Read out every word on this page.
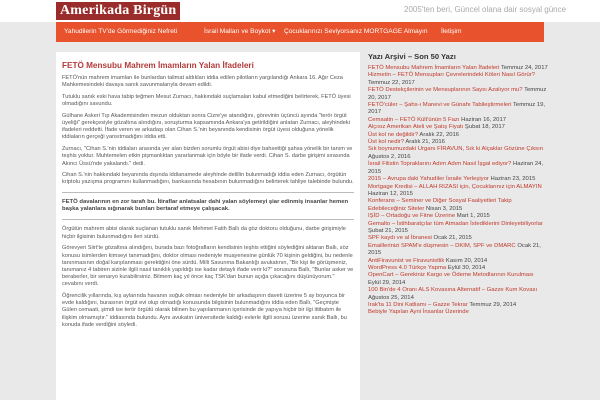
Amerikada Birgün	2005'ten beri, Güncel olana dair sosyal günce
Yahudilerin TV'de Görmediğiniz Nefreti	İsrail Malları ve Boykot ▾ Çocuklarınızı Seviyorsanız MORTGAGE Almayın İletişim
FETÖ Mensubu Mahrem İmamların Yalan İfadeleri

FETÖ'nün mahrem imamları ile bunlardan talimat aldıkları iddia edilen pilotların yargılandığı Ankara 16. Ağır Ceza Mahkemesindeki davaya sanık savunmalarıyla devam edildi.

Tutuklu sanık eski hava tabip teğmen Mesut Zurnacı, hakkındaki suçlamaları kabul etmediğini belirterek, FETÖ üyesi olmadığını savundu.

Gülhane Askeri Tıp Akademisinden mezun olduktan sonra Cizre'ye atandığını, görevinin üçüncü ayında "terör örgüt üyeliği" gerekçesiyle gözaltına alındığını, soruşturma kapsamında Ankara'ya getirildiğini anlatan Zurnacı, aleyhindeki ifadeleri reddetti. İfade veren ve arkadaşı olan Cihan S.'nin beyanında kendisinin örgüt üyesi olduğuna yönelik iddiaların gerçeği yansıtmadığını iddia etti.

Zurnacı, "Cihan S.'nin iddiaları arasında yer alan bizden sorumlu örgüt abisi diye bahsettiği şahsa yönelik bir tanım ve teşhis yoktur. Muhtemelen etkin pişmanlıktan yararlanmak için böyle bir ifade verdi. Cihan S. darbe girişimi sırasında Akıncı Üssü'nde yakalandı." dedi.

Cihan S.'nin hakkındaki beyanında dışında iddianamede aleyhinde delillin bulunmadığı iddia eden Zurnacı, örgütün kriptolu yazışma programını kullanmadığını, bankasında hesabının bulunmadığını belirterek tahliye talebinde bulundu.

FETÖ davalarının en zor tarafı bu. İtiraflar anlatsalar dahi yalan söylemeyi şiar edinmiş insanlar hemen başka yalanlara sığınarak bunları bertaraf etmeye çalışacak.

Örgütün mahrem abisi olarak suçlanan tutuklu sanık Mehmet Fatih Ballı da göz doktoru olduğunu, darbe girişimiyle hiçbir ilgisinin bulunmadığını ileri sürdü.

Görevyeri Siirt'te gözaltına alındığını, burada bazı fotoğrafların kendisinin teşhis ettiğini söylediğini aktaran Ballı, söz konusu isimlerden kimseyi tanımadığını, doktor olması nedeniyle muayenesine günlük 70 kişinin geldiğini, bu nedenle tanınmasının doğal karşılanması gerektiğini öne sürdü. Milli Savunma Bakanlığı avukatının, "Bir kişi ile görüşmeniz, tanımanız 4 tabiren sizinle ilgili nasıl tanıklık yapıldığı ise kadar detaylı ifade verir ki?" sorusuna Ballı, "Bunlar asker ve beraberler, bir senaryo kurabilirsiniz. Bilmem kaç yıl önce kaç TSK'dan bunun açığa çıkacağını düşünüyorum." cevabını verdi.

Öğrencilik yıllarında, kış aylarında havanın soğuk olması nedeniyle bir arkadaşının daveti üzerine 5 ay boyunca bir evde kaldığını, burasının örgüt evi olup olmadığı konusunda bilgisinin bulunmadığını iddia eden Ballı, "Geçmişte Gülen cemaati, şimdi ise terör örgütü olarak bilinen bu yapılanmanın içerisinde de yapıya hiçbir bir ilgi ittibatım ile ilişkim olmamıştır." iddiasında bulundu. Aynı avukatın üniversitede kaldığı evlerle ilgili sorusu üzerine sanık Ballı, bu konuda ifade verdiğini söyledi.

Yazı Arşivi – Son 50 Yazı
FETÖ Mensubu Mahrem İmamların Yalan İfadeleri Temmuz 24, 2017
Hizmetin – FETÖ Mensupları Çevrelerindeki Köleri Nasıl Görür? Temmuz 22, 2017
FETÖ Destekçilerinin ve Mensuplarının Saysı Azalıyor mu? Temmuz 20, 2017
FETÖ'cüler – Şahs-ı Manevi ve Günahı Tabileştirmeleri Temmuz 19, 2017
Cemaatin – FETÖ Kült'ünün 5 Fazı Haziran 16, 2017
Alçısız Amerikan Ateli ve Şatış Fiyatı Şubat 18, 2017
Üst kol ne değildir? Aralık 22, 2016
Üst kol nedir? Aralık 21, 2016
Sık boynumuzdaki Urganı FİRAVUN, Sık ki Alçaklar Gözüne Çıksın Ağustos 2, 2016
İsrail Filistin Topraklarını Adım Adım Nasıl İşgal ediyor? Haziran 24, 2015
2015 – Avrupa daki Yahudiler İsraile Yerleşiyor Haziran 23, 2015
Mortgage Kredisi – ALLAH RIZASI için, Çocuklarınız için ALMAYIN Haziran 12, 2015
Konferans – Seminer ve Diğer Sosyal Faaliyetleri Takip Edebileceğiniz Siteler Nisan 3, 2015
IŞİD – Ortadoğu ve Fitne Üzerine Mart 1, 2015
Gemalto – İstihbaratçılar tüm Atmadan İstediklerini Dinleyebiliyorlar Şubat 21, 2015
SPF kaydı ve al İbranesi Ocak 21, 2015
Emaillerinizi SPAM'e düşmesin – DKIM, SPF ve DMARC Ocak 21, 2015
AntiFiravunist ve Firavunistlik Kasım 20, 2014
WordPress 4.0 Türkçe Yapma Eylül 30, 2014
OpenCart – Gerekiniz Kargo ve Ödeme Metodlarının Kurulması Eylül 29, 2014
100 Bin'de 4 Oranı ALS Kovasına Alternatif – Gazze Kum Kovası Ağustos 25, 2014
Irak'ta 11 Dini Katliamı – Gazze Tekrar Temmuz 29, 2014
Bebiyle Yapılan Ayni İnsanlar Üzerinde
